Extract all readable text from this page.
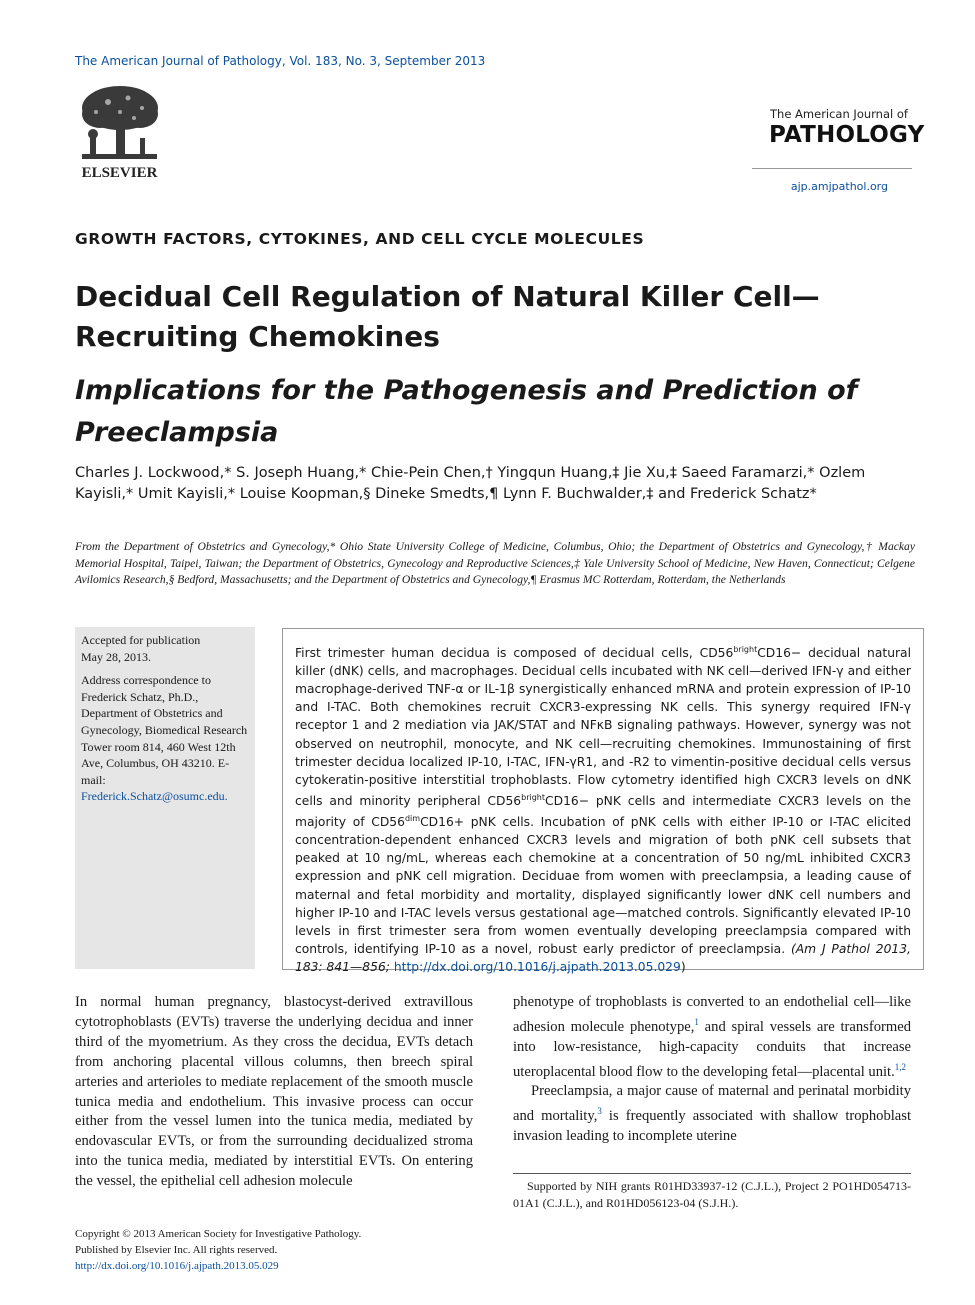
The American Journal of Pathology, Vol. 183, No. 3, September 2013
ELSEVIER
The American Journal of
PATHOLOGY
ajp.amjpathol.org
GROWTH FACTORS, CYTOKINES, AND CELL CYCLE MOLECULES
Decidual Cell Regulation of Natural Killer Cell—Recruiting Chemokines
Implications for the Pathogenesis and Prediction of Preeclampsia
Charles J. Lockwood,* S. Joseph Huang,* Chie-Pein Chen,† Yingqun Huang,‡ Jie Xu,‡ Saeed Faramarzi,* Ozlem Kayisli,* Umit Kayisli,* Louise Koopman,§ Dineke Smedts,¶ Lynn F. Buchwalder,‡ and Frederick Schatz*
From the Department of Obstetrics and Gynecology,* Ohio State University College of Medicine, Columbus, Ohio; the Department of Obstetrics and Gynecology,† Mackay Memorial Hospital, Taipei, Taiwan; the Department of Obstetrics, Gynecology and Reproductive Sciences,‡ Yale University School of Medicine, New Haven, Connecticut; Celgene Avilomics Research,§ Bedford, Massachusetts; and the Department of Obstetrics and Gynecology,¶ Erasmus MC Rotterdam, Rotterdam, the Netherlands
Accepted for publication
May 28, 2013.
Address correspondence to Frederick Schatz, Ph.D., Department of Obstetrics and Gynecology, Biomedical Research Tower room 814, 460 West 12th Ave, Columbus, OH 43210. E-mail: Frederick.Schatz@osumc.edu.
First trimester human decidua is composed of decidual cells, $CD56^{bright}CD16-$ decidual natural killer (dNK) cells, and macrophages. Decidual cells incubated with NK cell—derived IFN-γ and either macrophage-derived TNF-α or IL-1β synergistically enhanced mRNA and protein expression of IP-10 and I-TAC. Both chemokines recruit CXCR3-expressing NK cells. This synergy required IFN-γ receptor 1 and 2 mediation via JAK/STAT and NFκB signaling pathways. However, synergy was not observed on neutrophil, monocyte, and NK cell—recruiting chemokines. Immunostaining of first trimester decidua localized IP-10, I-TAC, IFN-γR1, and -R2 to vimentin-positive decidual cells versus cytokeratin-positive interstitial trophoblasts. Flow cytometry identified high CXCR3 levels on dNK cells and minority peripheral $CD56^{bright}CD16-$ pNK cells and intermediate CXCR3 levels on the majority of $CD56^{dim}CD16+$ pNK cells. Incubation of pNK cells with either IP-10 or I-TAC elicited concentration-dependent enhanced CXCR3 levels and migration of both pNK cell subsets that peaked at 10 ng/mL, whereas each chemokine at a concentration of 50 ng/mL inhibited CXCR3 expression and pNK cell migration. Deciduae from women with preeclampsia, a leading cause of maternal and fetal morbidity and mortality, displayed significantly lower dNK cell numbers and higher IP-10 and I-TAC levels versus gestational age—matched controls. Significantly elevated IP-10 levels in first trimester sera from women eventually developing preeclampsia compared with controls, identifying IP-10 as a novel, robust early predictor of preeclampsia. (Am J Pathol 2013, 183: 841—856; http://dx.doi.org/10.1016/j.ajpath.2013.05.029)

In normal human pregnancy, blastocyst-derived extravillous cytotrophoblasts (EVTs) traverse the underlying decidua and inner third of the myometrium. As they cross the decidua, EVTs detach from anchoring placental villous columns, then breech spiral arteries and arterioles to mediate replacement of the smooth muscle tunica media and endothelium. This invasive process can occur either from the vessel lumen into the tunica media, mediated by endovascular EVTs, or from the surrounding decidualized stroma into the tunica media, mediated by interstitial EVTs. On entering the vessel, the epithelial cell adhesion molecule

phenotype of trophoblasts is converted to an endothelial cell—like adhesion molecule phenotype,$^1$ and spiral vessels are transformed into low-resistance, high-capacity conduits that increase uteroplacental blood flow to the developing fetal—placental unit.$^{1,2}$

Preeclampsia, a major cause of maternal and perinatal morbidity and mortality,$^3$ is frequently associated with shallow trophoblast invasion leading to incomplete uterine

Supported by NIH grants R01HD33937-12 (C.J.L.), Project 2 PO1HD054713-01A1 (C.J.L.), and R01HD056123-04 (S.J.H.).
Copyright © 2013 American Society for Investigative Pathology.
Published by Elsevier Inc. All rights reserved.
http://dx.doi.org/10.1016/j.ajpath.2013.05.029
